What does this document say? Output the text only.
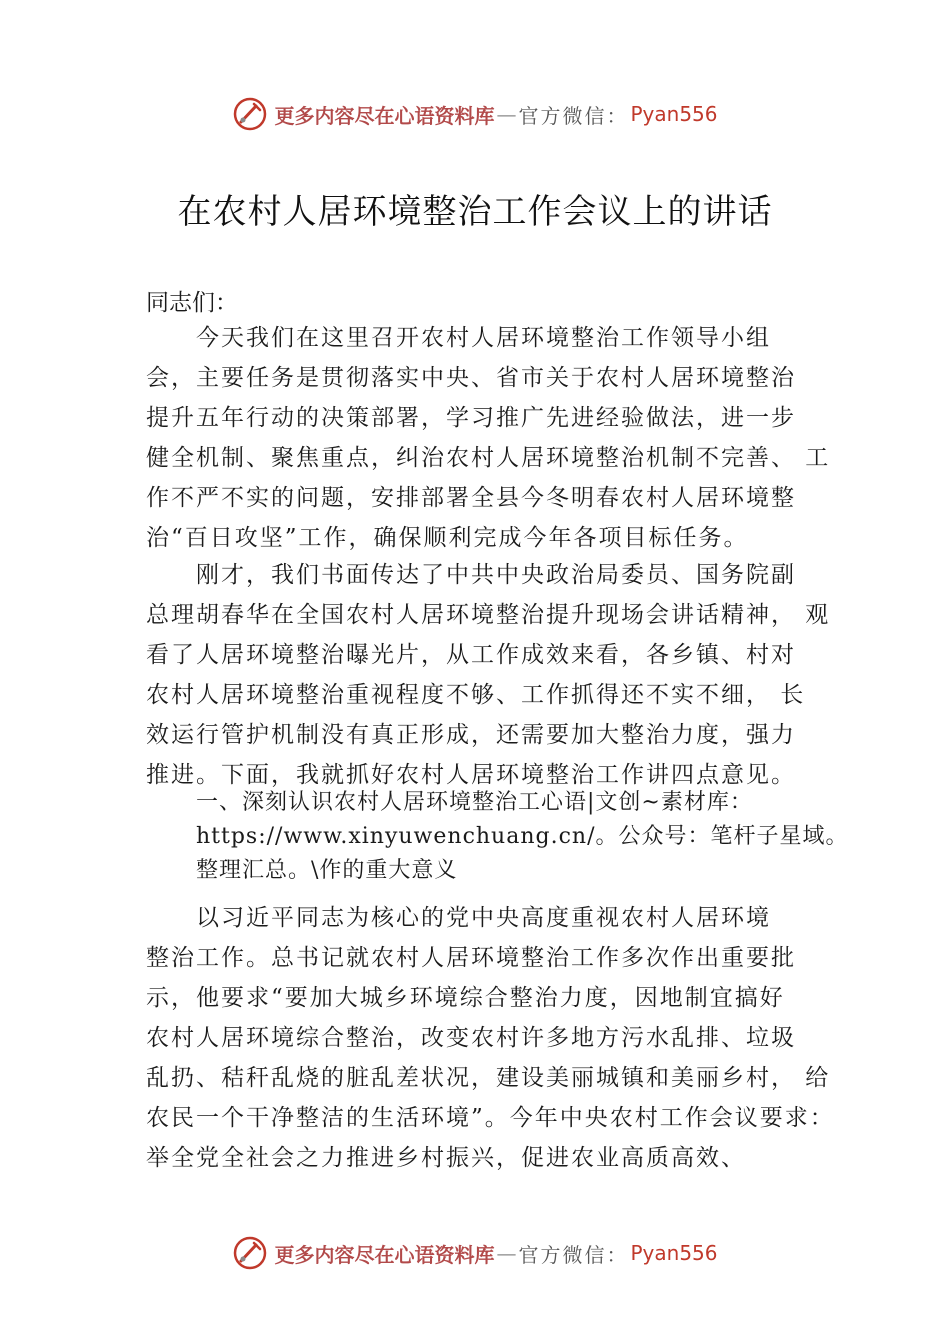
更多内容尽在心语资料库 — 官方微信 ： Pyan556
在农村人居环境整治工作会议上的讲话
同志们：
今天我们在这里召开农村人居环境整治工作领导小组
会，主要任务是贯彻落实中央、省市关于农村人居环境整治
提升五年行动的决策部署，学习推广先进经验做法，进一步
健全机制、聚焦重点，纠治农村人居环境整治机制不完善、 工
作不严不实的问题，安排部署全县今冬明春农村人居环境整
治“百日攻坚”工作，确保顺利完成今年各项目标任务。
刚才，我们书面传达了中共中央政治局委员、国务院副
总理胡春华在全国农村人居环境整治提升现场会讲话精神， 观
看了人居环境整治曝光片，从工作成效来看，各乡镇、村对
农村人居环境整治重视程度不够、工作抓得还不实不细， 长
效运行管护机制没有真正形成，还需要加大整治力度，强力
推进。下面，我就抓好农村人居环境整治工作讲四点意见。
一、深刻认识农村人居环境整治工心语|文创~素材库：
https://www.xinyuwenchuang.cn/。公众号：笔杆子星域。
整理汇总。\作的重大意义
以习近平同志为核心的党中央高度重视农村人居环境
整治工作。总书记就农村人居环境整治工作多次作出重要批
示，他要求“要加大城乡环境综合整治力度，因地制宜搞好
农村人居环境综合整治，改变农村许多地方污水乱排、垃圾
乱扔、秸秆乱烧的脏乱差状况，建设美丽城镇和美丽乡村， 给
农民一个干净整洁的生活环境”。今年中央农村工作会议要求：
举全党全社会之力推进乡村振兴，促进农业高质高效、
更多内容尽在心语资料库 — 官方微信 ： Pyan556
